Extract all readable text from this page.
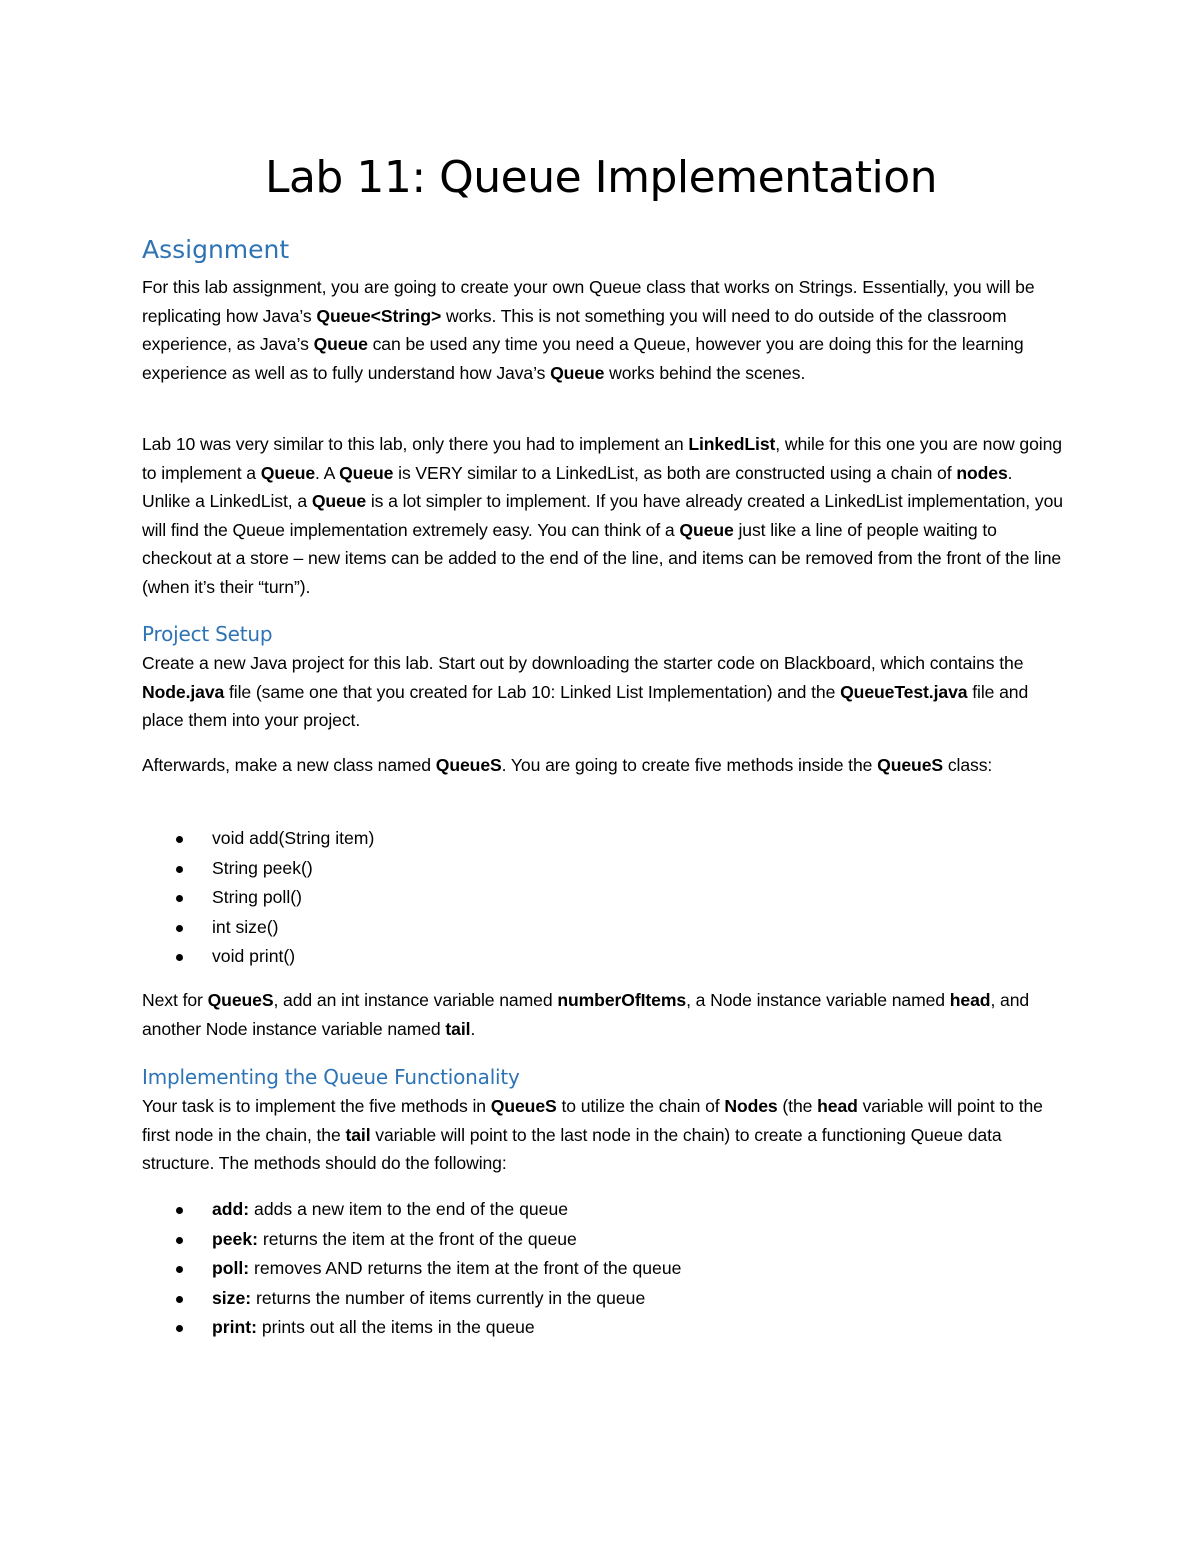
Lab 11: Queue Implementation
Assignment

For this lab assignment, you are going to create your own Queue class that works on Strings. Essentially, you will be replicating how Java’s Queue<String> works. This is not something you will need to do outside of the classroom experience, as Java’s Queue can be used any time you need a Queue, however you are doing this for the learning experience as well as to fully understand how Java’s Queue works behind the scenes.

Lab 10 was very similar to this lab, only there you had to implement an LinkedList, while for this one you are now going to implement a Queue. A Queue is VERY similar to a LinkedList, as both are constructed using a chain of nodes. Unlike a LinkedList, a Queue is a lot simpler to implement. If you have already created a LinkedList implementation, you will find the Queue implementation extremely easy. You can think of a Queue just like a line of people waiting to checkout at a store – new items can be added to the end of the line, and items can be removed from the front of the line (when it’s their “turn”).

Project Setup

Create a new Java project for this lab. Start out by downloading the starter code on Blackboard, which contains the Node.java file (same one that you created for Lab 10: Linked List Implementation) and the QueueTest.java file and place them into your project.

Afterwards, make a new class named QueueS. You are going to create five methods inside the QueueS class:

void add(String item)
String peek()
String poll()
int size()
void print()

Next for QueueS, add an int instance variable named numberOfItems, a Node instance variable named head, and another Node instance variable named tail.

Implementing the Queue Functionality

Your task is to implement the five methods in QueueS to utilize the chain of Nodes (the head variable will point to the first node in the chain, the tail variable will point to the last node in the chain) to create a functioning Queue data structure. The methods should do the following:

add: adds a new item to the end of the queue
peek: returns the item at the front of the queue
poll: removes AND returns the item at the front of the queue
size: returns the number of items currently in the queue
print: prints out all the items in the queue
